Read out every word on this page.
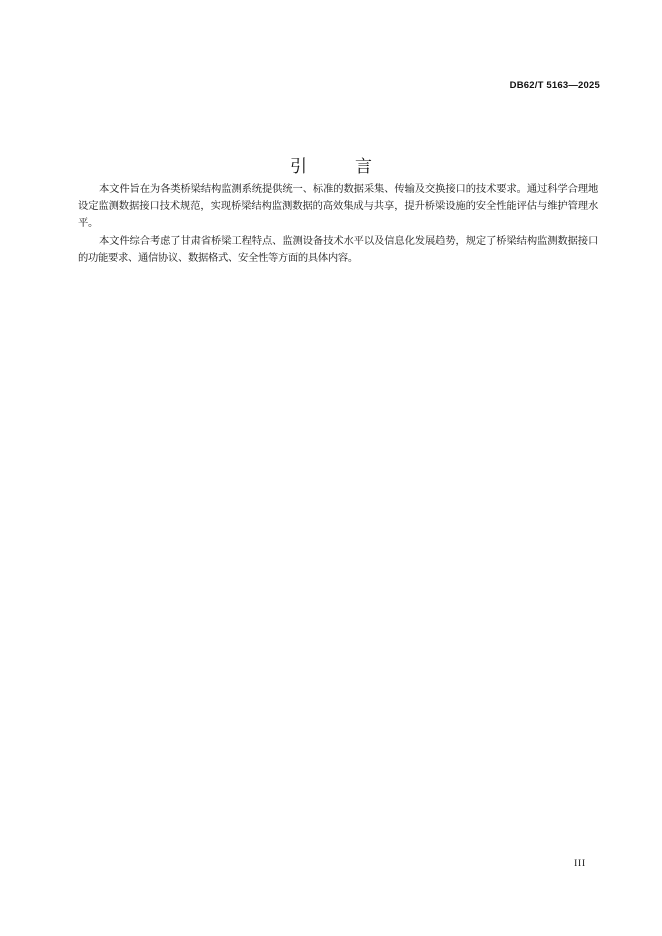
DB62/T 5163—2025
引言

本文件旨在为各类桥梁结构监测系统提供统一、标准的数据采集、传输及交换接口的技术要求。通过科学合理地设定监测数据接口技术规范，实现桥梁结构监测数据的高效集成与共享，提升桥梁设施的安全性能评估与维护管理水平。

本文件综合考虑了甘肃省桥梁工程特点、监测设备技术水平以及信息化发展趋势，规定了桥梁结构监测数据接口的功能要求、通信协议、数据格式、安全性等方面的具体内容。

III
